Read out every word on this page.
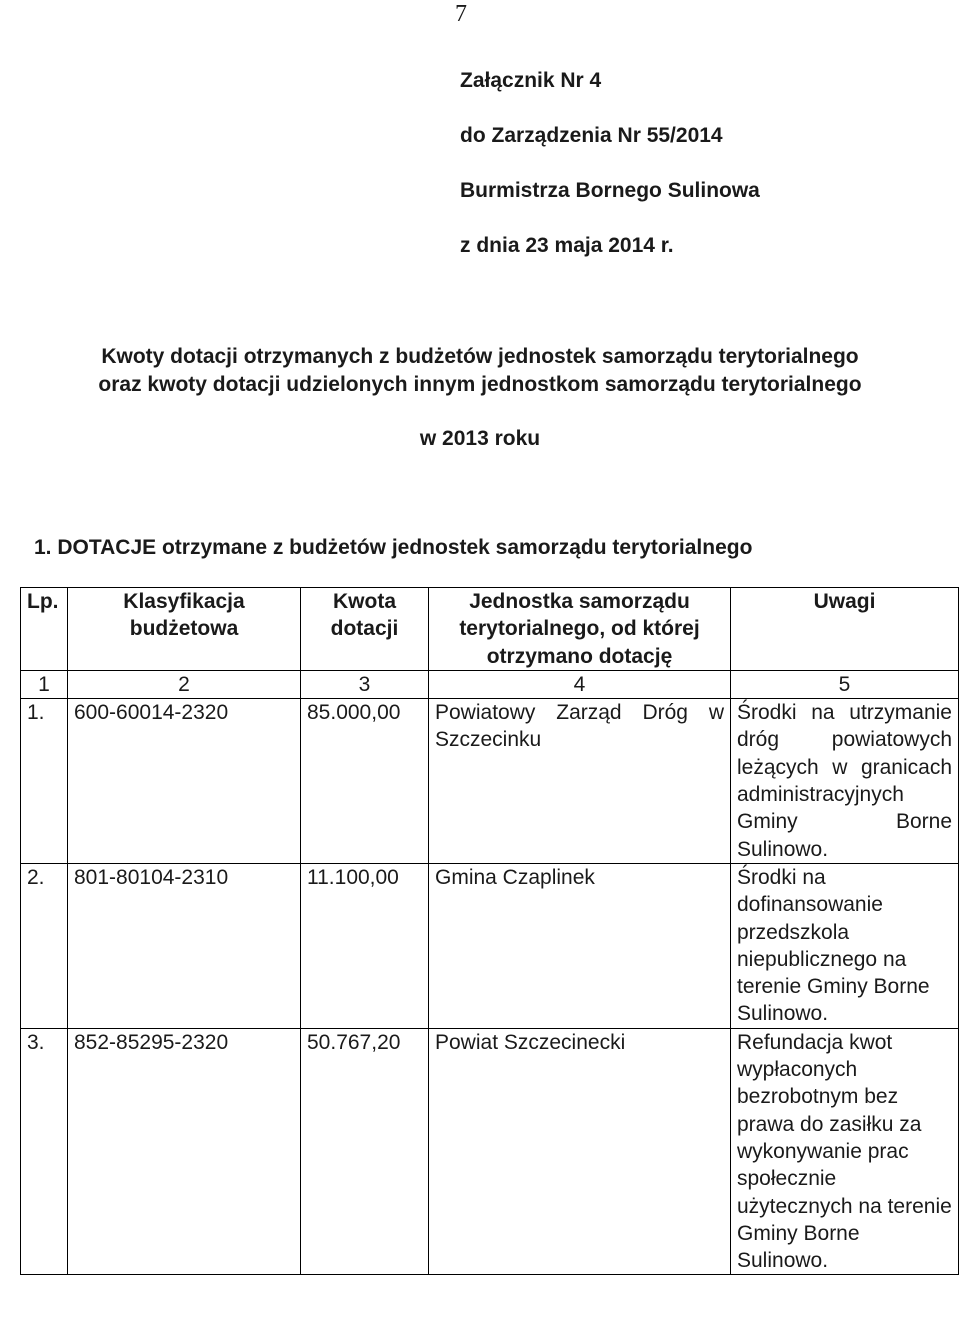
7
Załącznik Nr 4
do Zarządzenia Nr 55/2014
Burmistrza Bornego Sulinowa
z dnia 23 maja 2014 r.
Kwoty dotacji otrzymanych z budżetów jednostek samorządu terytorialnego
oraz kwoty dotacji udzielonych innym jednostkom samorządu terytorialnego
w 2013 roku
1. DOTACJE otrzymane z budżetów jednostek samorządu terytorialnego
Lp.	Klasyfikacja budżetowa	Kwota dotacji	Jednostka samorządu terytorialnego, od której otrzymano dotację	Uwagi
1	2	3	4	5
1.	600-60014-2320	85.000,00	Powiatowy Zarząd Dróg w Szczecinku	Środki na utrzymanie dróg powiatowych leżących w granicach administracyjnych Gminy Borne Sulinowo.
2.	801-80104-2310	11.100,00	Gmina Czaplinek	Środki na dofinansowanie przedszkola niepublicznego na terenie Gminy Borne Sulinowo.
3.	852-85295-2320	50.767,20	Powiat Szczecinecki	Refundacja kwot wypłaconych bezrobotnym bez prawa do zasiłku za wykonywanie prac społecznie użytecznych na terenie Gminy Borne Sulinowo.
